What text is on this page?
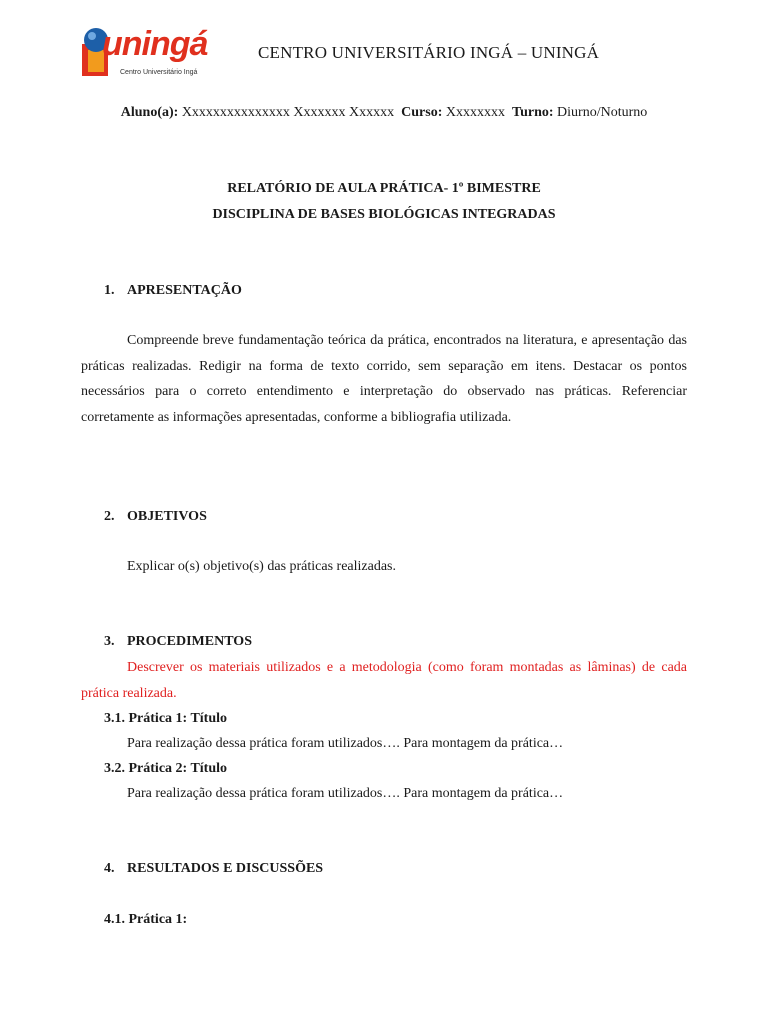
uningá
Centro Universitário Ingá
CENTRO UNIVERSITÁRIO INGÁ – UNINGÁ
Aluno(a): Xxxxxxxxxxxxxxx Xxxxxxx Xxxxxx Curso: Xxxxxxxx Turno: Diurno/Noturno
RELATÓRIO DE AULA PRÁTICA- 1º BIMESTRE
DISCIPLINA DE BASES BIOLÓGICAS INTEGRADAS
1. APRESENTAÇÃO
Compreende breve fundamentação teórica da prática, encontrados na literatura, e apresentação das práticas realizadas. Redigir na forma de texto corrido, sem separação em itens. Destacar os pontos necessários para o correto entendimento e interpretação do observado nas práticas. Referenciar corretamente as informações apresentadas, conforme a bibliografia utilizada.
2. OBJETIVOS
Explicar o(s) objetivo(s) das práticas realizadas.
3. PROCEDIMENTOS
Descrever os materiais utilizados e a metodologia (como foram montadas as lâminas) de cada prática realizada.
3.1. Prática 1: Título
Para realização dessa prática foram utilizados…. Para montagem da prática…
3.2. Prática 2: Título
Para realização dessa prática foram utilizados…. Para montagem da prática…
4. RESULTADOS E DISCUSSÕES
4.1. Prática 1:
